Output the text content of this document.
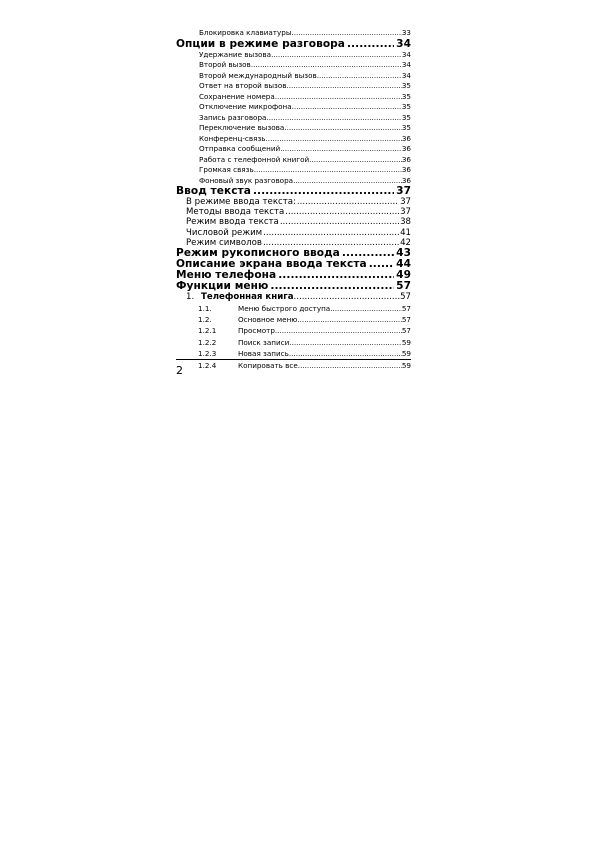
Блокировка клавиатуры .....	33
Опции в режиме разговора .....	34
Удержание вызова .....	34
Второй вызов .....	34
Второй международный вызов .....	34
Ответ на второй вызов .....	35
Сохранение номера .....	35
Отключение микрофона .....	35
Запись разговора .....	35
Переключение вызова .....	35
Конференц-связь .....	36
Отправка сообщений .....	36
Работа с телефонной книгой .....	36
Громкая связь .....	36
Фоновый звук разговора .....	36
Ввод текста .....	37
В режиме ввода текста: .....	37
Методы ввода текста .....	37
Режим ввода текста .....	38
Числовой режим .....	41
Режим символов .....	42
Режим рукописного ввода .....	43
Описание экрана ввода текста .....	44
Меню телефона .....	49
Функции меню .....	57
1. Телефонная книга .....	57
1.1.	Меню быстрого доступа .....	57
1.2.	Основное меню .....	57
1.2.1	Просмотр .....	57
1.2.2	Поиск записи .....	59
1.2.3	Новая запись .....	59
1.2.4	Копировать все .....	59
2
